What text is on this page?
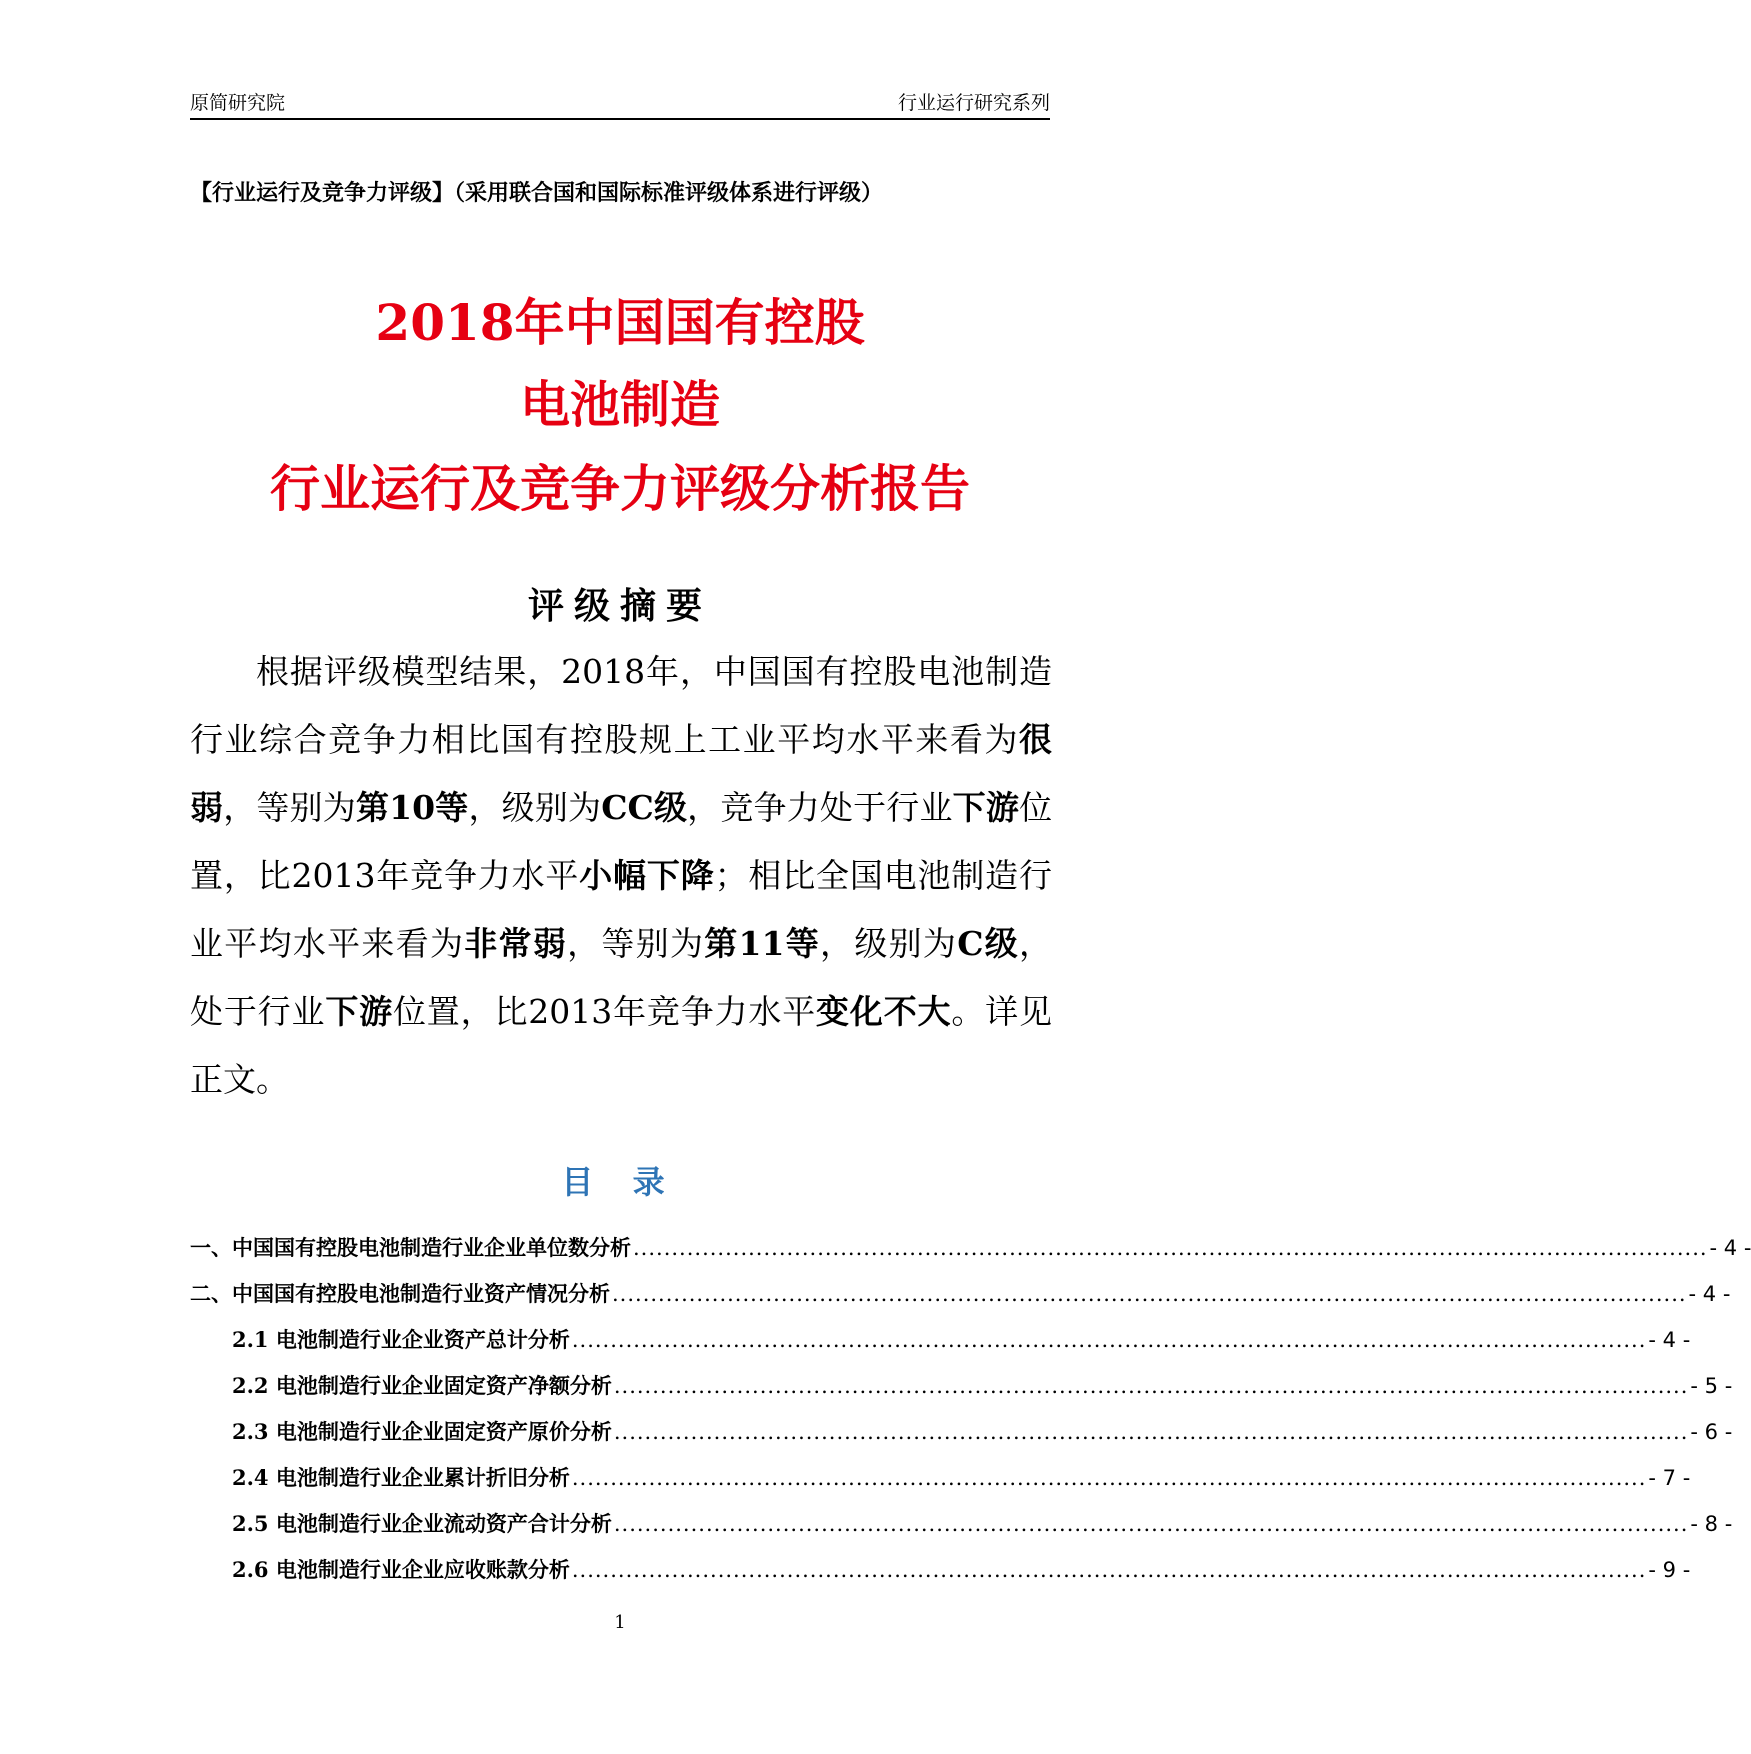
原简研究院	行业运行研究系列
【行业运行及竞争力评级】（采用联合国和国际标准评级体系进行评级）
2018年中国国有控股
电池制造
行业运行及竞争力评级分析报告
评级摘要
根据评级模型结果，2018年，中国国有控股电池制造行业综合竞争力相比国有控股规上工业平均水平来看为很弱，等别为第10等，级别为CC级，竞争力处于行业下游位置，比2013年竞争力水平小幅下降；相比全国电池制造行业平均水平来看为非常弱，等别为第11等，级别为C级，处于行业下游位置，比2013年竞争力水平变化不大。详见正文。
目 录
一、中国国有控股电池制造行业企业单位数分析 ............................................................................................................................................ - 4 -
二、中国国有控股电池制造行业资产情况分析 ............................................................................................................................................ - 4 -
2.1 电池制造行业企业资产总计分析 ............................................................................................................................................ - 4 -
2.2 电池制造行业企业固定资产净额分析 ............................................................................................................................................ - 5 -
2.3 电池制造行业企业固定资产原价分析 ............................................................................................................................................ - 6 -
2.4 电池制造行业企业累计折旧分析 ............................................................................................................................................ - 7 -
2.5 电池制造行业企业流动资产合计分析 ............................................................................................................................................ - 8 -
2.6 电池制造行业企业应收账款分析 ............................................................................................................................................ - 9 -
1
